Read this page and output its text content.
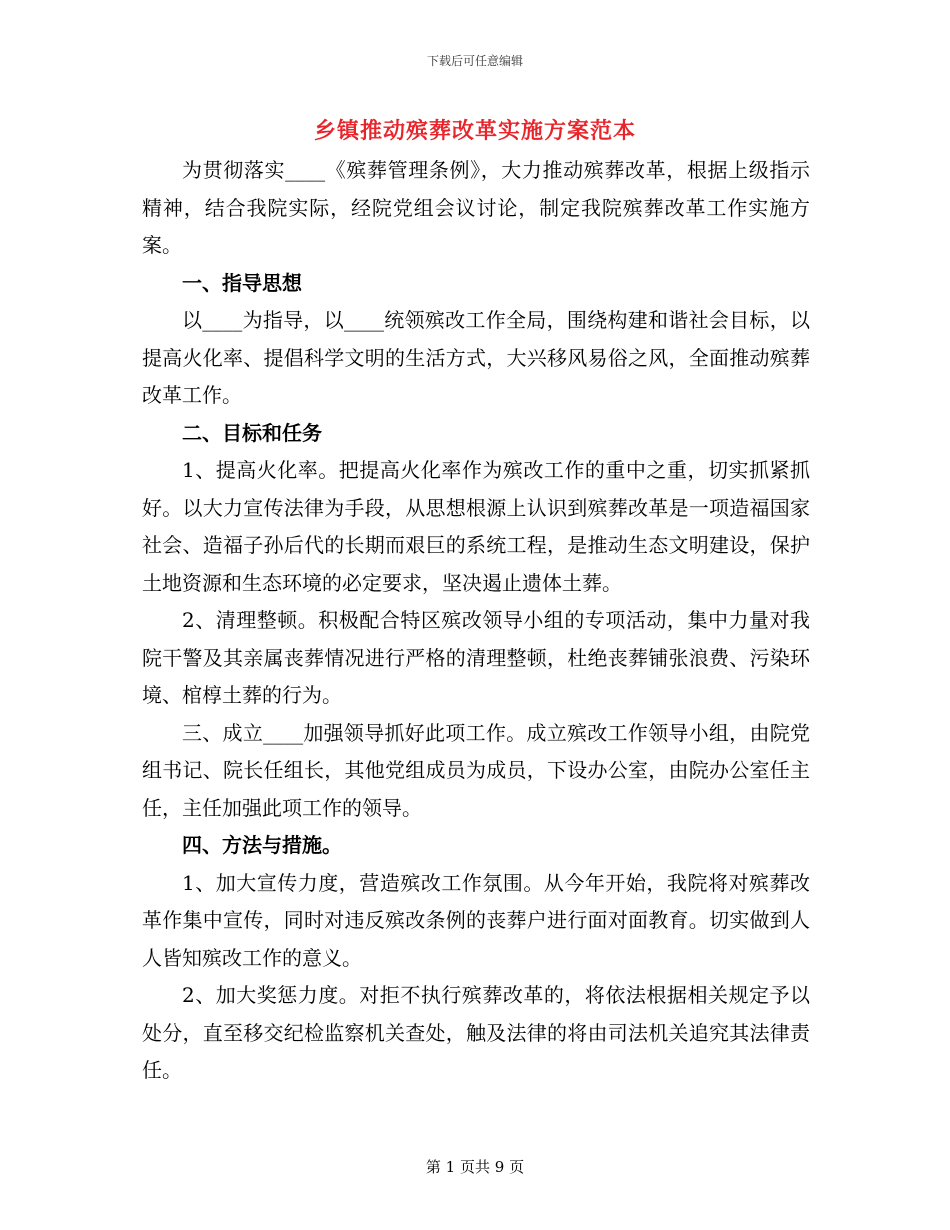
下载后可任意编辑
乡镇推动殡葬改革实施方案范本

为贯彻落实____《殡葬管理条例》，大力推动殡葬改革，根据上级指示精神，结合我院实际，经院党组会议讨论，制定我院殡葬改革工作实施方案。

一、指导思想

以____为指导，以____统领殡改工作全局，围绕构建和谐社会目标，以提高火化率、提倡科学文明的生活方式，大兴移风易俗之风，全面推动殡葬改革工作。

二、目标和任务

1、提高火化率。把提高火化率作为殡改工作的重中之重，切实抓紧抓好。以大力宣传法律为手段，从思想根源上认识到殡葬改革是一项造福国家社会、造福子孙后代的长期而艰巨的系统工程，是推动生态文明建设，保护土地资源和生态环境的必定要求，坚决遏止遗体土葬。

2、清理整顿。积极配合特区殡改领导小组的专项活动，集中力量对我院干警及其亲属丧葬情况进行严格的清理整顿，杜绝丧葬铺张浪费、污染环境、棺椁土葬的行为。

三、成立____加强领导抓好此项工作。成立殡改工作领导小组，由院党组书记、院长任组长，其他党组成员为成员，下设办公室，由院办公室任主任，主任加强此项工作的领导。

四、方法与措施。

1、加大宣传力度，营造殡改工作氛围。从今年开始，我院将对殡葬改革作集中宣传，同时对违反殡改条例的丧葬户进行面对面教育。切实做到人人皆知殡改工作的意义。

2、加大奖惩力度。对拒不执行殡葬改革的，将依法根据相关规定予以处分，直至移交纪检监察机关查处，触及法律的将由司法机关追究其法律责任。

第 1 页共 9 页
